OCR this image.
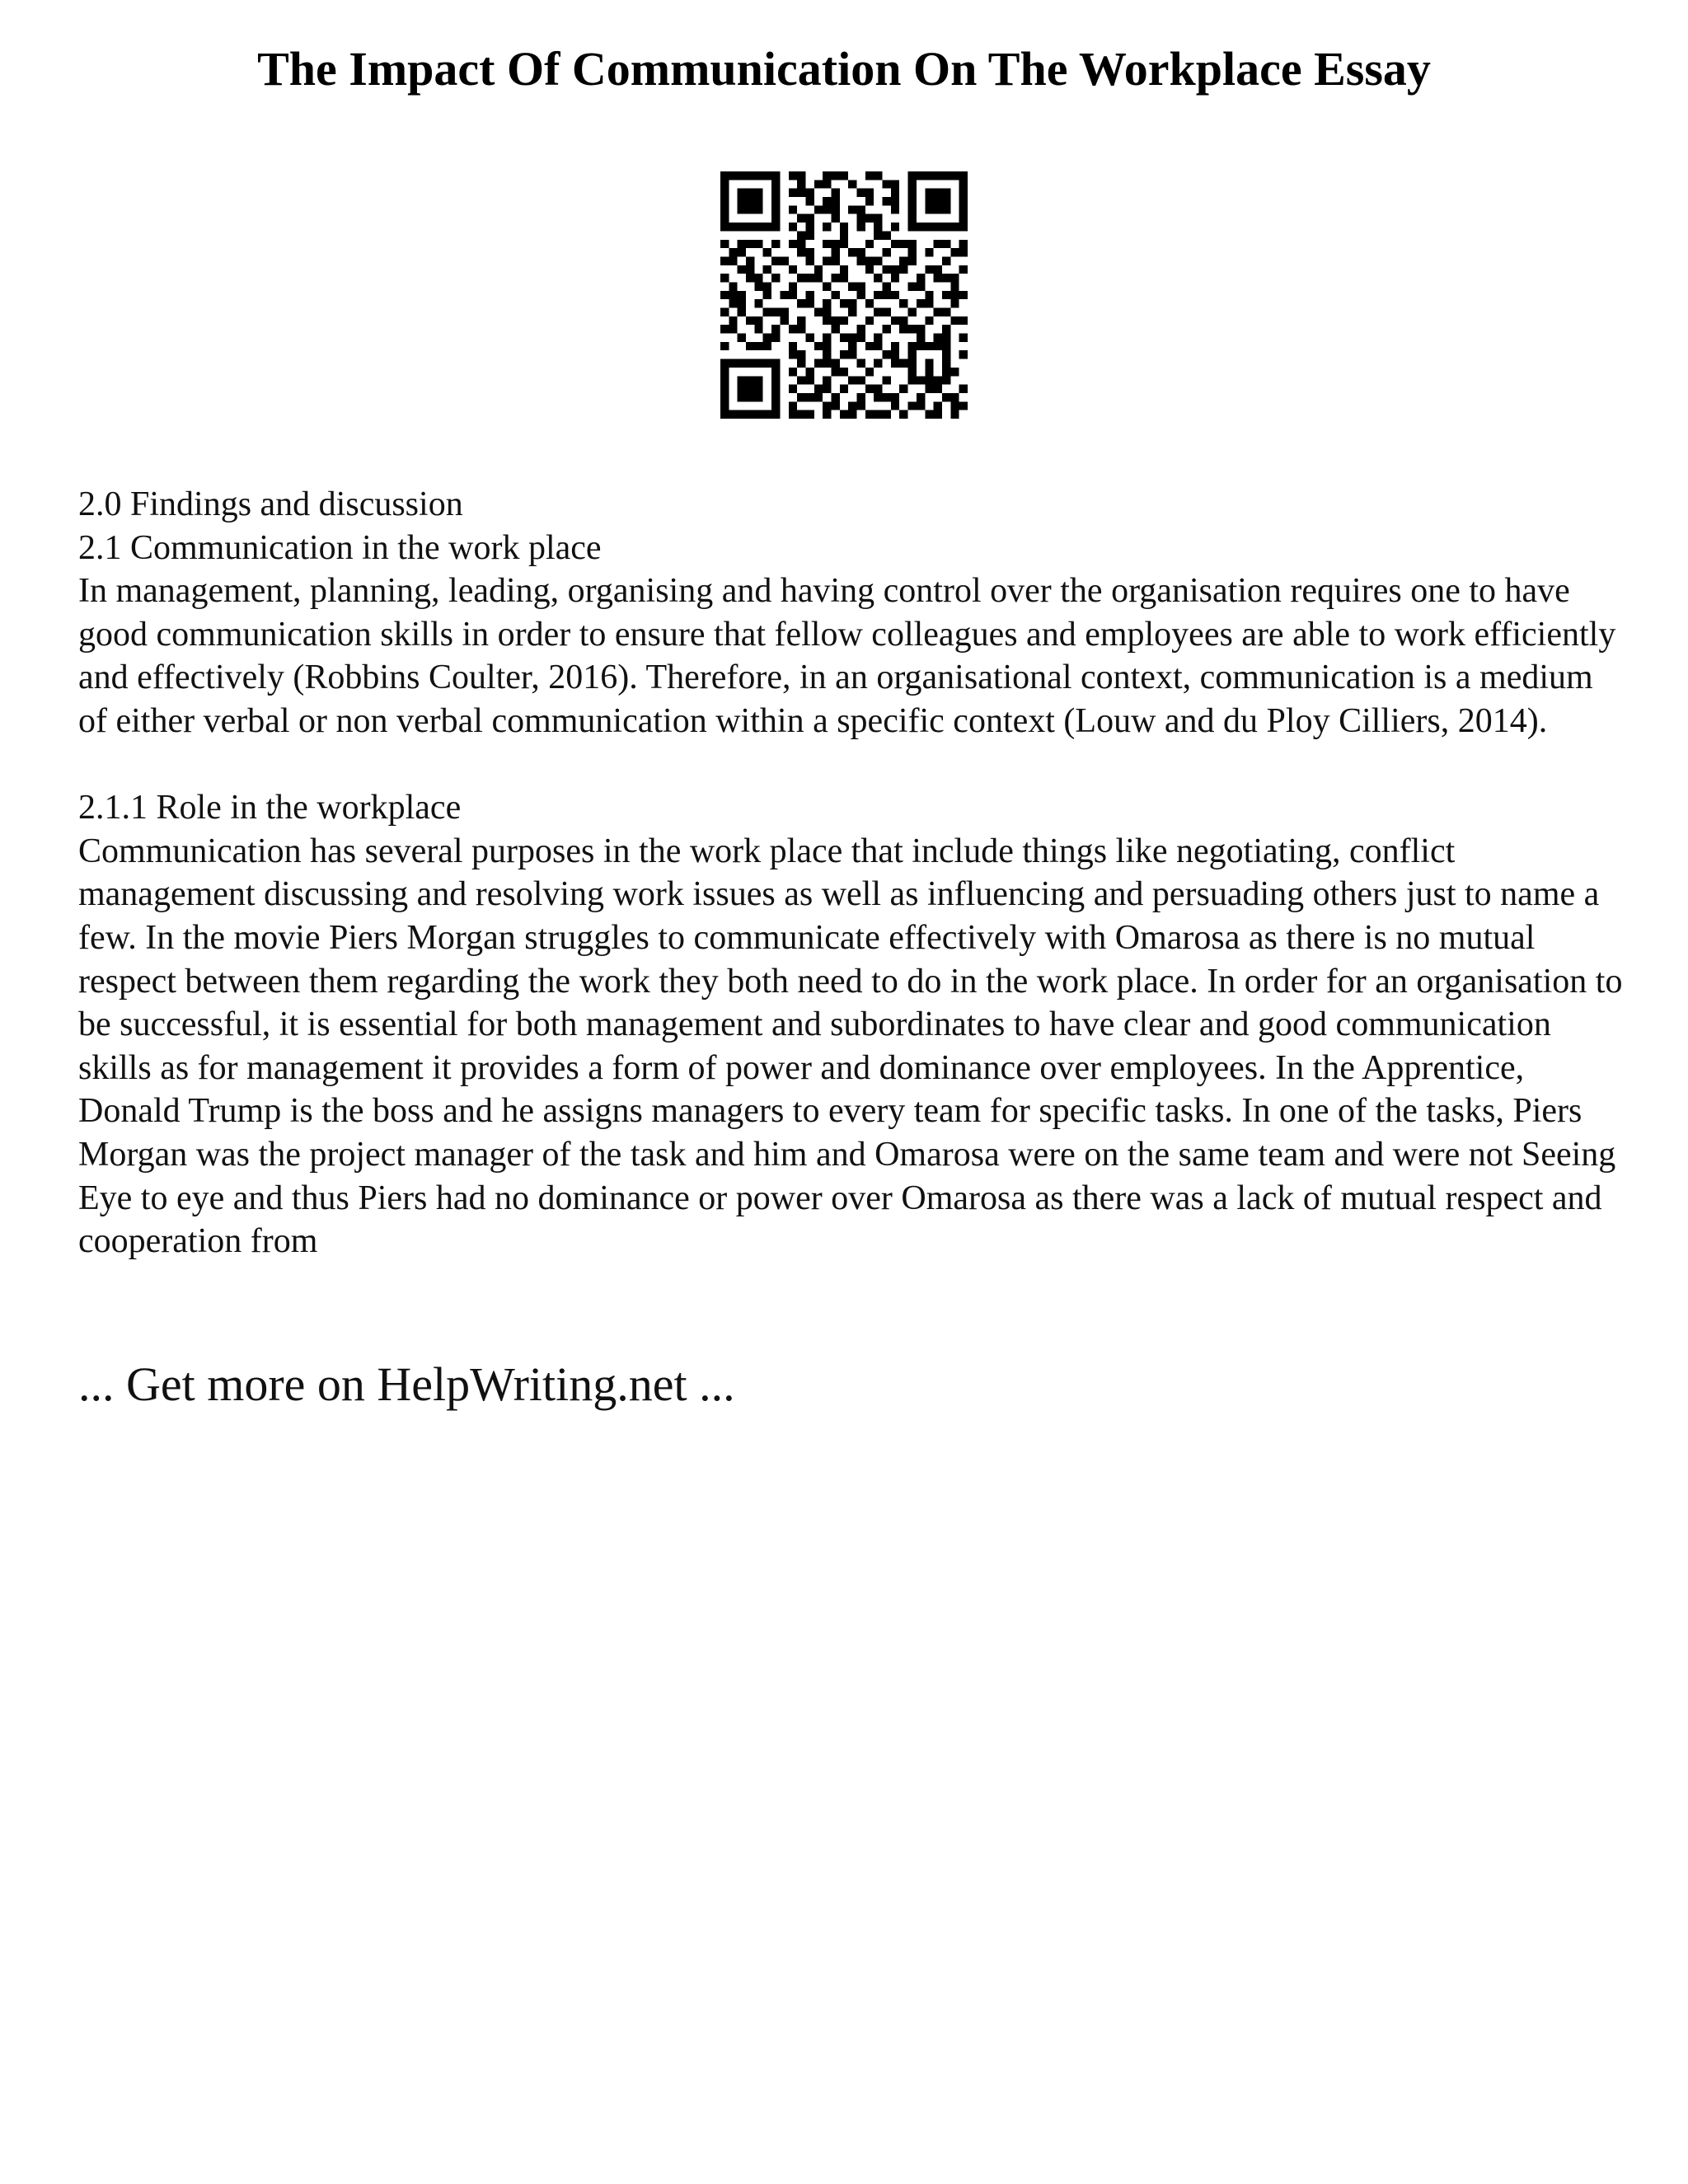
The Impact Of Communication On The Workplace Essay

2.0 Findings and discussion

2.1 Communication in the work place

In management, planning, leading, organising and having control over the organisation requires one to have good communication skills in order to ensure that fellow colleagues and employees are able to work efficiently and effectively (Robbins Coulter, 2016). Therefore, in an organisational context, communication is a medium of either verbal or non verbal communication within a specific context (Louw and du Ploy Cilliers, 2014).

2.1.1 Role in the workplace

Communication has several purposes in the work place that include things like negotiating, conflict management discussing and resolving work issues as well as influencing and persuading others just to name a few. In the movie Piers Morgan struggles to communicate effectively with Omarosa as there is no mutual respect between them regarding the work they both need to do in the work place. In order for an organisation to be successful, it is essential for both management and subordinates to have clear and good communication skills as for management it provides a form of power and dominance over employees. In the Apprentice, Donald Trump is the boss and he assigns managers to every team for specific tasks. In one of the tasks, Piers Morgan was the project manager of the task and him and Omarosa were on the same team and were not Seeing Eye to eye and thus Piers had no dominance or power over Omarosa as there was a lack of mutual respect and cooperation from

... Get more on HelpWriting.net ...
